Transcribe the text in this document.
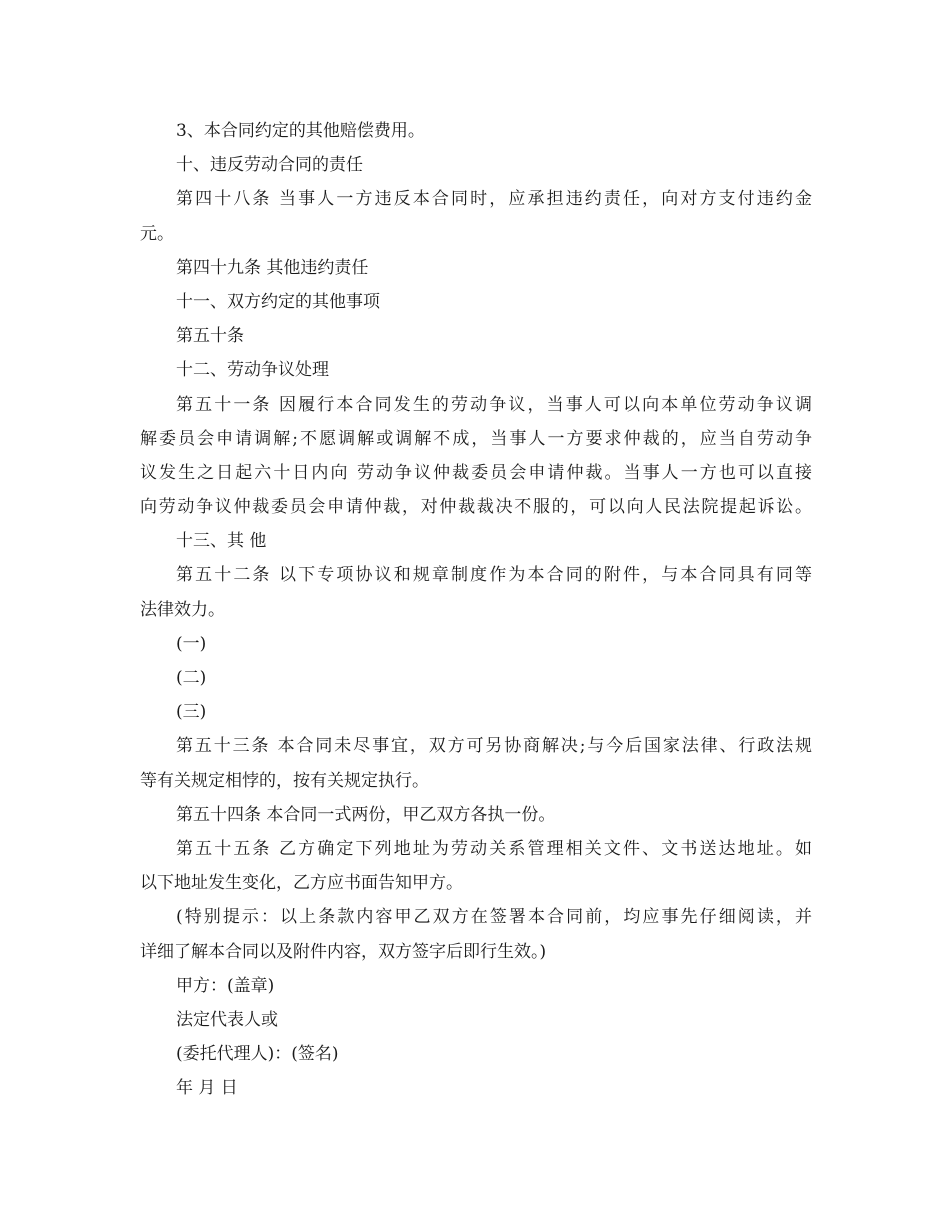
3、本合同约定的其他赔偿费用。
十、违反劳动合同的责任
第四十八条 当事人一方违反本合同时，应承担违约责任，向对方支付违约金
元。
第四十九条 其他违约责任
十一、双方约定的其他事项
第五十条
十二、劳动争议处理
第五十一条 因履行本合同发生的劳动争议，当事人可以向本单位劳动争议调
解委员会申请调解;不愿调解或调解不成，当事人一方要求仲裁的，应当自劳动争
议发生之日起六十日内向 劳动争议仲裁委员会申请仲裁。当事人一方也可以直接
向劳动争议仲裁委员会申请仲裁，对仲裁裁决不服的，可以向人民法院提起诉讼。
十三、其 他
第五十二条 以下专项协议和规章制度作为本合同的附件，与本合同具有同等
法律效力。
(一)
(二)
(三)
第五十三条 本合同未尽事宜，双方可另协商解决;与今后国家法律、行政法规
等有关规定相悖的，按有关规定执行。
第五十四条 本合同一式两份，甲乙双方各执一份。
第五十五条 乙方确定下列地址为劳动关系管理相关文件、文书送达地址。如
以下地址发生变化，乙方应书面告知甲方。
(特别提示：以上条款内容甲乙双方在签署本合同前，均应事先仔细阅读，并
详细了解本合同以及附件内容，双方签字后即行生效。)
甲方：(盖章)
法定代表人或
(委托代理人)：(签名)
年 月 日
